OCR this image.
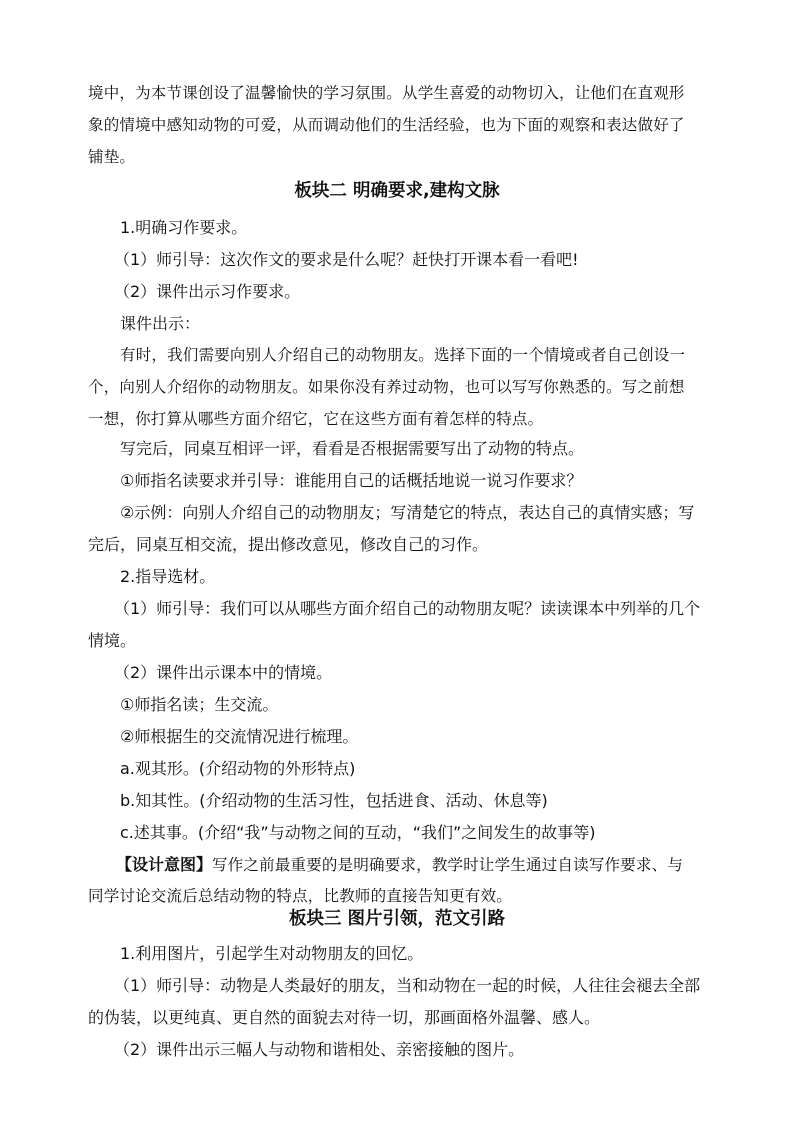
境中，为本节课创设了温馨愉快的学习氛围。从学生喜爱的动物切入，让他们在直观形
象的情境中感知动物的可爱，从而调动他们的生活经验，也为下面的观察和表达做好了
铺垫。
板块二 明确要求,建构文脉
1.明确习作要求。
（1）师引导：这次作文的要求是什么呢？赶快打开课本看一看吧!
（2）课件出示习作要求。
课件出示：
有时，我们需要向别人介绍自己的动物朋友。选择下面的一个情境或者自己创设一
个，向别人介绍你的动物朋友。如果你没有养过动物，也可以写写你熟悉的。写之前想
一想，你打算从哪些方面介绍它，它在这些方面有着怎样的特点。
写完后，同桌互相评一评，看看是否根据需要写出了动物的特点。
①师指名读要求并引导：谁能用自己的话概括地说一说习作要求？
②示例：向别人介绍自己的动物朋友；写清楚它的特点，表达自己的真情实感；写
完后，同桌互相交流，提出修改意见，修改自己的习作。
2.指导选材。
（1）师引导：我们可以从哪些方面介绍自己的动物朋友呢？读读课本中列举的几个
情境。
（2）课件出示课本中的情境。
①师指名读；生交流。
②师根据生的交流情况进行梳理。
a.观其形。(介绍动物的外形特点)
b.知其性。(介绍动物的生活习性，包括进食、活动、休息等)
c.述其事。(介绍“我”与动物之间的互动，“我们”之间发生的故事等)
【设计意图】写作之前最重要的是明确要求，教学时让学生通过自读写作要求、与
同学讨论交流后总结动物的特点，比教师的直接告知更有效。
板块三 图片引领，范文引路
1.利用图片，引起学生对动物朋友的回忆。
（1）师引导：动物是人类最好的朋友，当和动物在一起的时候，人往往会褪去全部
的伪装，以更纯真、更自然的面貌去对待一切，那画面格外温馨、感人。
（2）课件出示三幅人与动物和谐相处、亲密接触的图片。
